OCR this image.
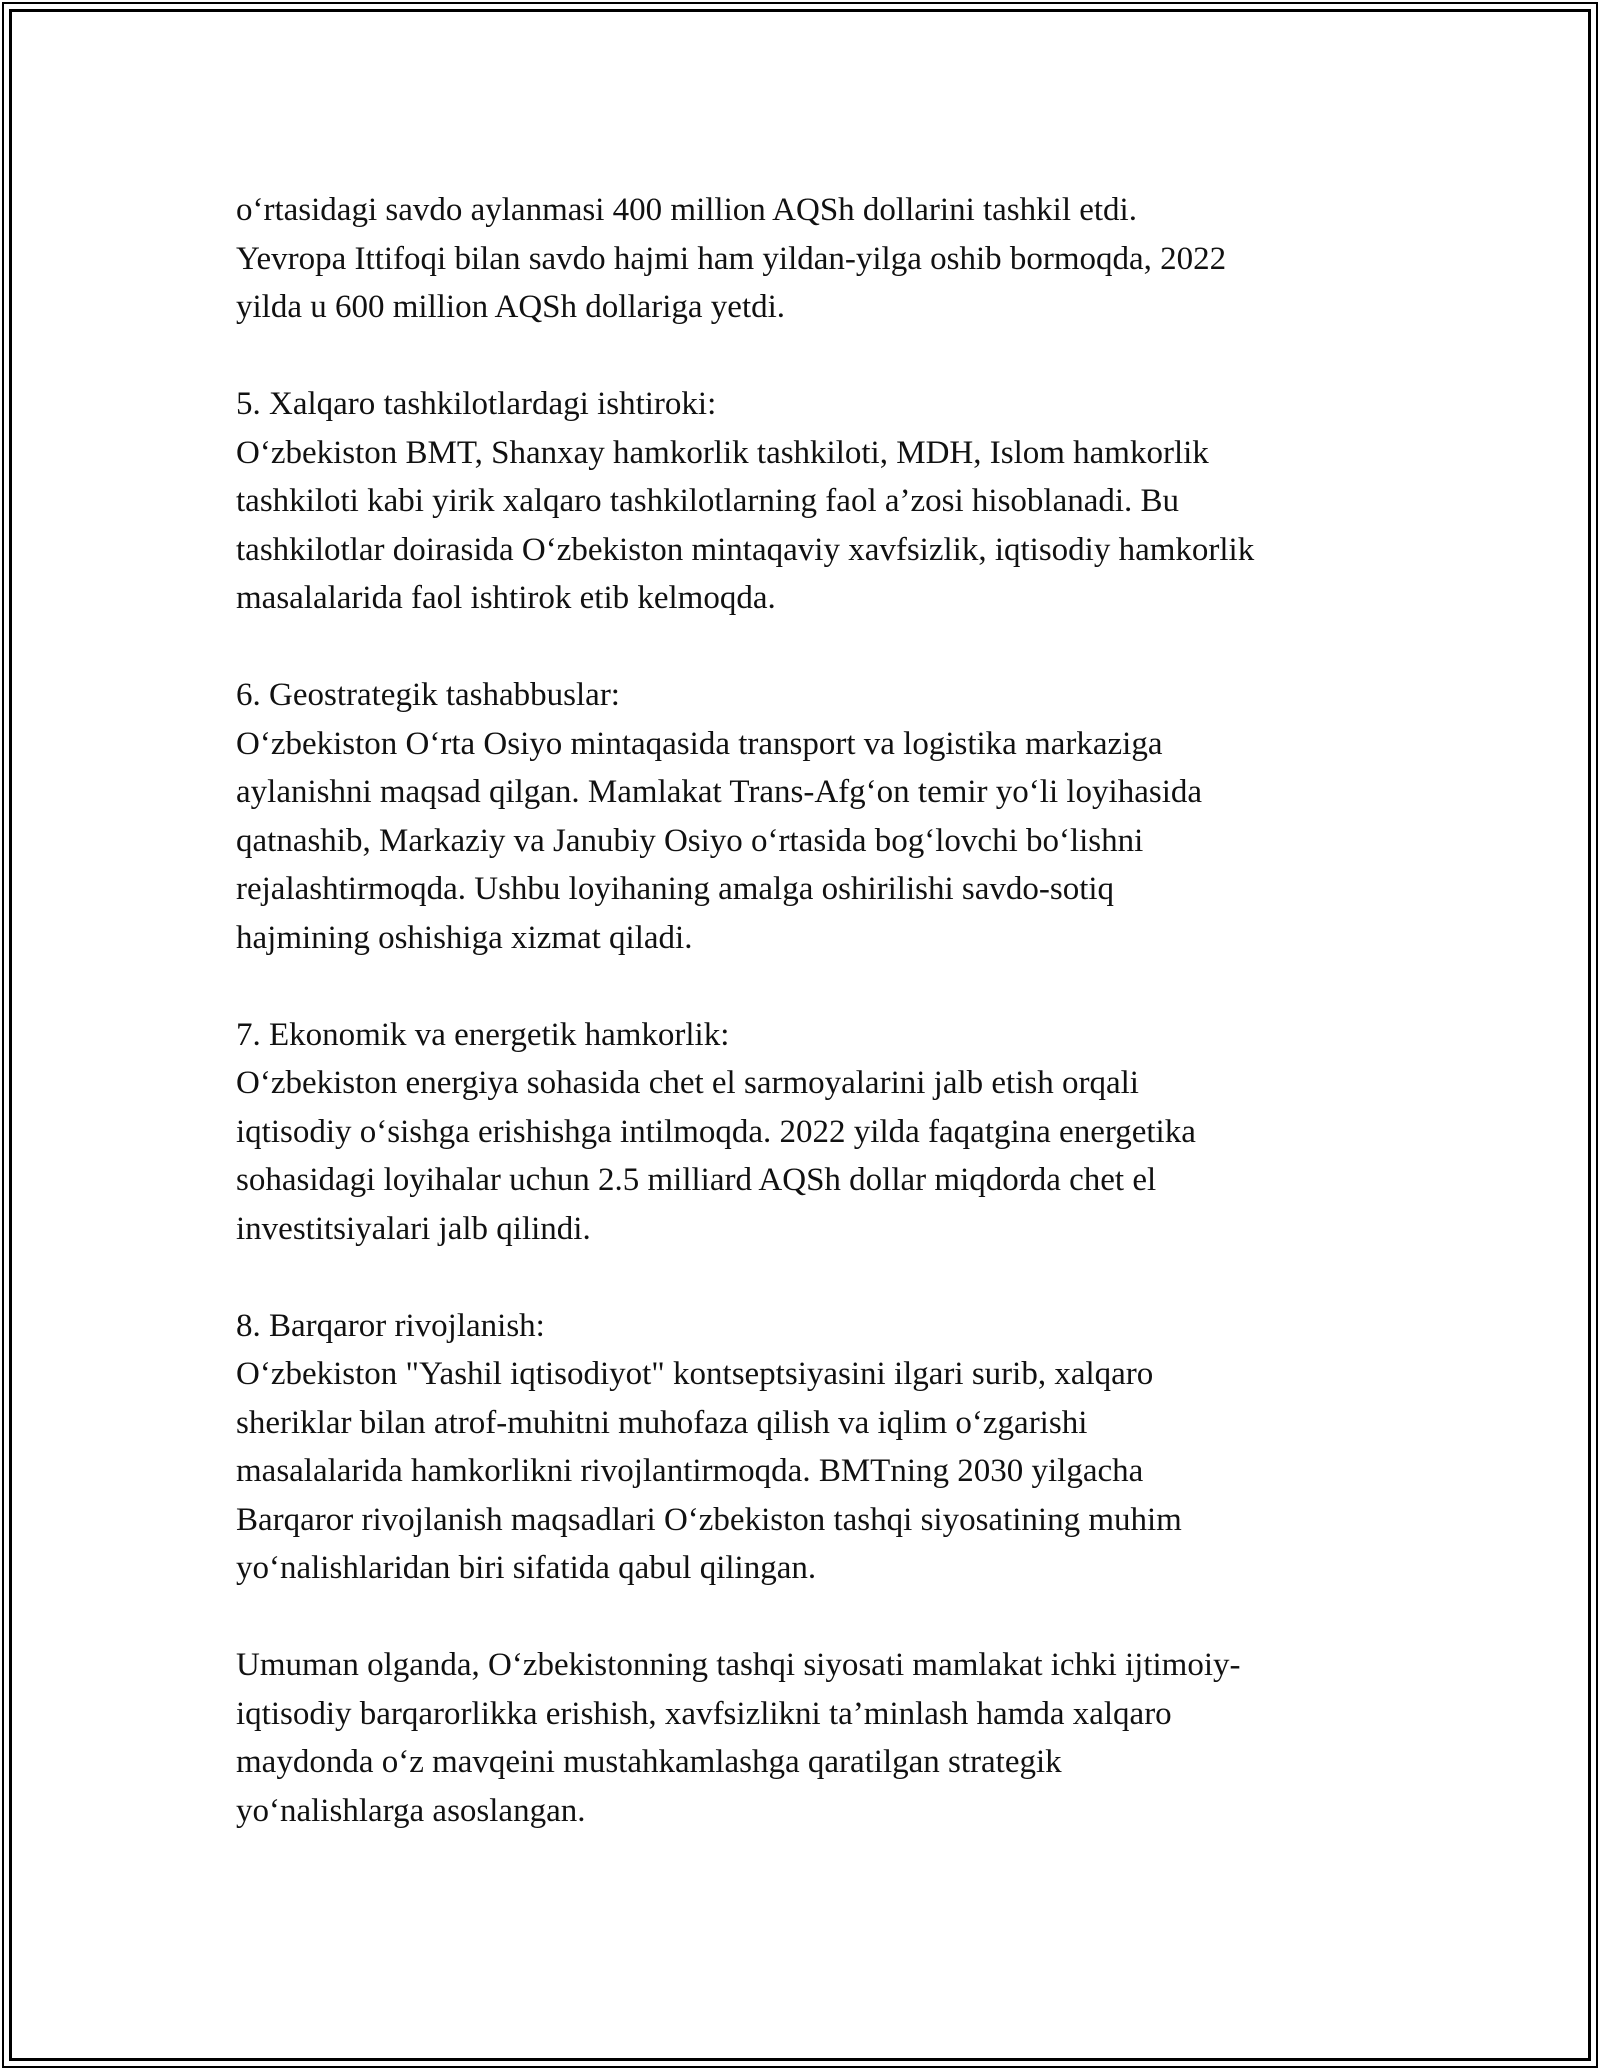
o‘rtasidagi savdo aylanmasi 400 million AQSh dollarini tashkil etdi.
Yevropa Ittifoqi bilan savdo hajmi ham yildan-yilga oshib bormoqda, 2022
yilda u 600 million AQSh dollariga yetdi.
5. Xalqaro tashkilotlardagi ishtiroki:
O‘zbekiston BMT, Shanxay hamkorlik tashkiloti, MDH, Islom hamkorlik
tashkiloti kabi yirik xalqaro tashkilotlarning faol a’zosi hisoblanadi. Bu
tashkilotlar doirasida O‘zbekiston mintaqaviy xavfsizlik, iqtisodiy hamkorlik
masalalarida faol ishtirok etib kelmoqda.
6. Geostrategik tashabbuslar:
O‘zbekiston O‘rta Osiyo mintaqasida transport va logistika markaziga
aylanishni maqsad qilgan. Mamlakat Trans-Afg‘on temir yo‘li loyihasida
qatnashib, Markaziy va Janubiy Osiyo o‘rtasida bog‘lovchi bo‘lishni
rejalashtirmoqda. Ushbu loyihaning amalga oshirilishi savdo-sotiq
hajmining oshishiga xizmat qiladi.
7. Ekonomik va energetik hamkorlik:
O‘zbekiston energiya sohasida chet el sarmoyalarini jalb etish orqali
iqtisodiy o‘sishga erishishga intilmoqda. 2022 yilda faqatgina energetika
sohasidagi loyihalar uchun 2.5 milliard AQSh dollar miqdorda chet el
investitsiyalari jalb qilindi.
8. Barqaror rivojlanish:
O‘zbekiston "Yashil iqtisodiyot" kontseptsiyasini ilgari surib, xalqaro
sheriklar bilan atrof-muhitni muhofaza qilish va iqlim o‘zgarishi
masalalarida hamkorlikni rivojlantirmoqda. BMTning 2030 yilgacha
Barqaror rivojlanish maqsadlari O‘zbekiston tashqi siyosatining muhim
yo‘nalishlaridan biri sifatida qabul qilingan.
Umuman olganda, O‘zbekistonning tashqi siyosati mamlakat ichki ijtimoiy-
iqtisodiy barqarorlikka erishish, xavfsizlikni ta’minlash hamda xalqaro
maydonda o‘z mavqeini mustahkamlashga qaratilgan strategik
yo‘nalishlarga asoslangan.
